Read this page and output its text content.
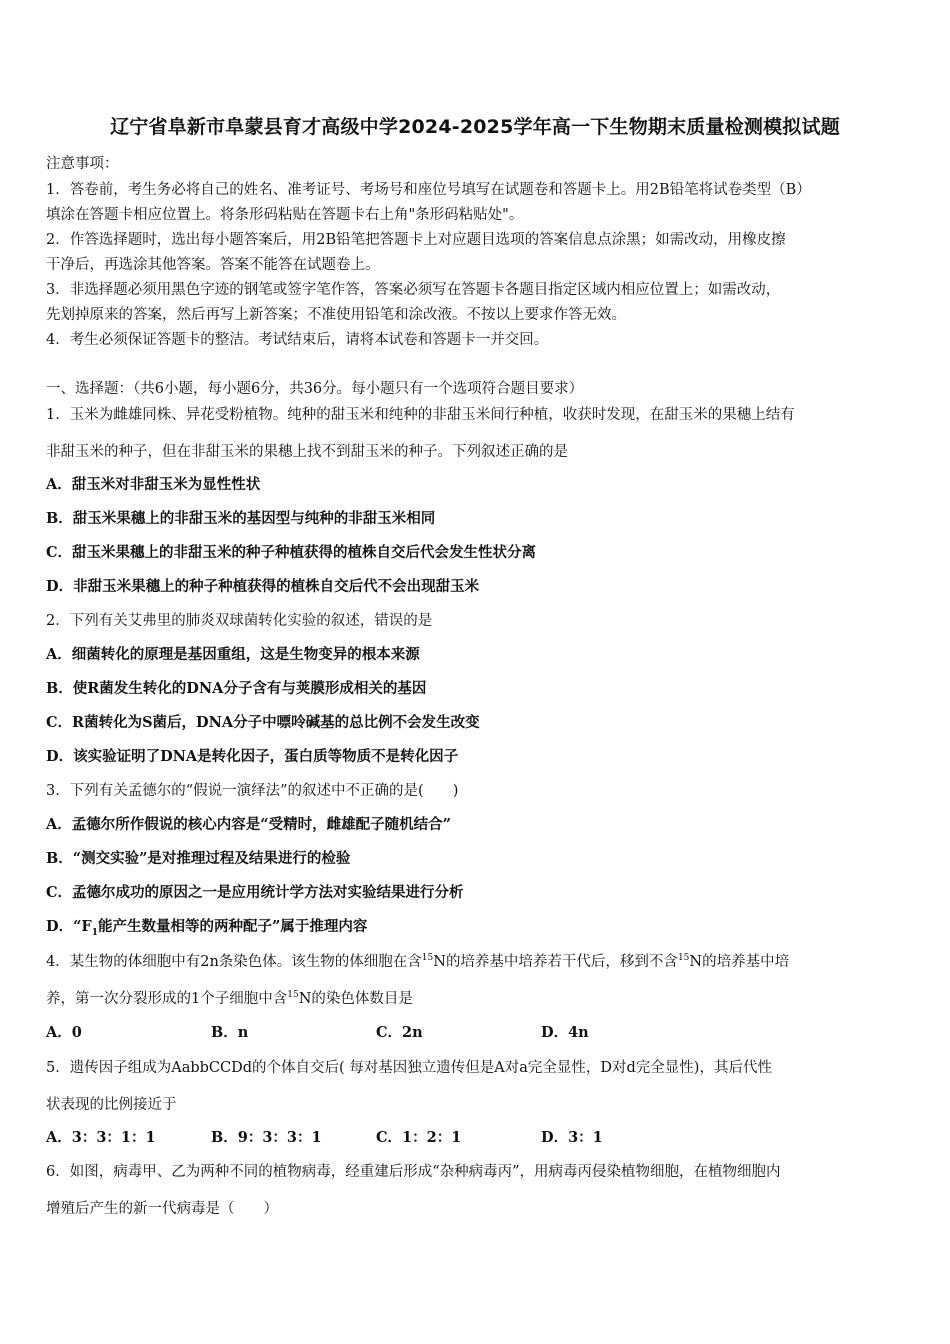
辽宁省阜新市阜蒙县育才高级中学2024-2025学年高一下生物期末质量检测模拟试题
注意事项：
1．答卷前，考生务必将自己的姓名、准考证号、考场号和座位号填写在试题卷和答题卡上。用2B铅笔将试卷类型（B）
填涂在答题卡相应位置上。将条形码粘贴在答题卡右上角"条形码粘贴处"。
2．作答选择题时，选出每小题答案后，用2B铅笔把答题卡上对应题目选项的答案信息点涂黑；如需改动，用橡皮擦
干净后，再选涂其他答案。答案不能答在试题卷上。
3．非选择题必须用黑色字迹的钢笔或签字笔作答，答案必须写在答题卡各题目指定区域内相应位置上；如需改动，
先划掉原来的答案，然后再写上新答案；不准使用铅笔和涂改液。不按以上要求作答无效。
4．考生必须保证答题卡的整洁。考试结束后，请将本试卷和答题卡一并交回。
一、选择题：（共6小题，每小题6分，共36分。每小题只有一个选项符合题目要求）
1．玉米为雌雄同株、异花受粉植物。纯种的甜玉米和纯种的非甜玉米间行种植，收获时发现，在甜玉米的果穗上结有
非甜玉米的种子，但在非甜玉米的果穗上找不到甜玉米的种子。下列叙述正确的是
A．甜玉米对非甜玉米为显性性状
B．甜玉米果穗上的非甜玉米的基因型与纯种的非甜玉米相同
C．甜玉米果穗上的非甜玉米的种子种植获得的植株自交后代会发生性状分离
D．非甜玉米果穗上的种子种植获得的植株自交后代不会出现甜玉米
2．下列有关艾弗里的肺炎双球菌转化实验的叙述，错误的是
A．细菌转化的原理是基因重组，这是生物变异的根本来源
B．使R菌发生转化的DNA分子含有与荚膜形成相关的基因
C．R菌转化为S菌后，DNA分子中嘌呤碱基的总比例不会发生改变
D．该实验证明了DNA是转化因子，蛋白质等物质不是转化因子
3．下列有关孟德尔的“假说一演绎法”的叙述中不正确的是(　　)
A．孟德尔所作假说的核心内容是“受精时，雌雄配子随机结合”
B．“测交实验”是对推理过程及结果进行的检验
C．孟德尔成功的原因之一是应用统计学方法对实验结果进行分析
D．“$F_1$能产生数量相等的两种配子”属于推理内容
4．某生物的体细胞中有2n条染色体。该生物的体细胞在含$^{15}$N的培养基中培养若干代后，移到不含$^{15}$N的培养基中培
养，第一次分裂形成的1个子细胞中含$^{15}$N的染色体数目是
A．0	B．n	C．2n	D．4n
5．遗传因子组成为AabbCCDd的个体自交后( 每对基因独立遗传但是A对a完全显性，D对d完全显性)，其后代性
状表现的比例接近于
A．3：3：1：1	B．9：3：3：1	C．1：2：1	D．3：1
6．如图，病毒甲、乙为两种不同的植物病毒，经重建后形成“杂种病毒丙”，用病毒丙侵染植物细胞，在植物细胞内
增殖后产生的新一代病毒是（　　）
